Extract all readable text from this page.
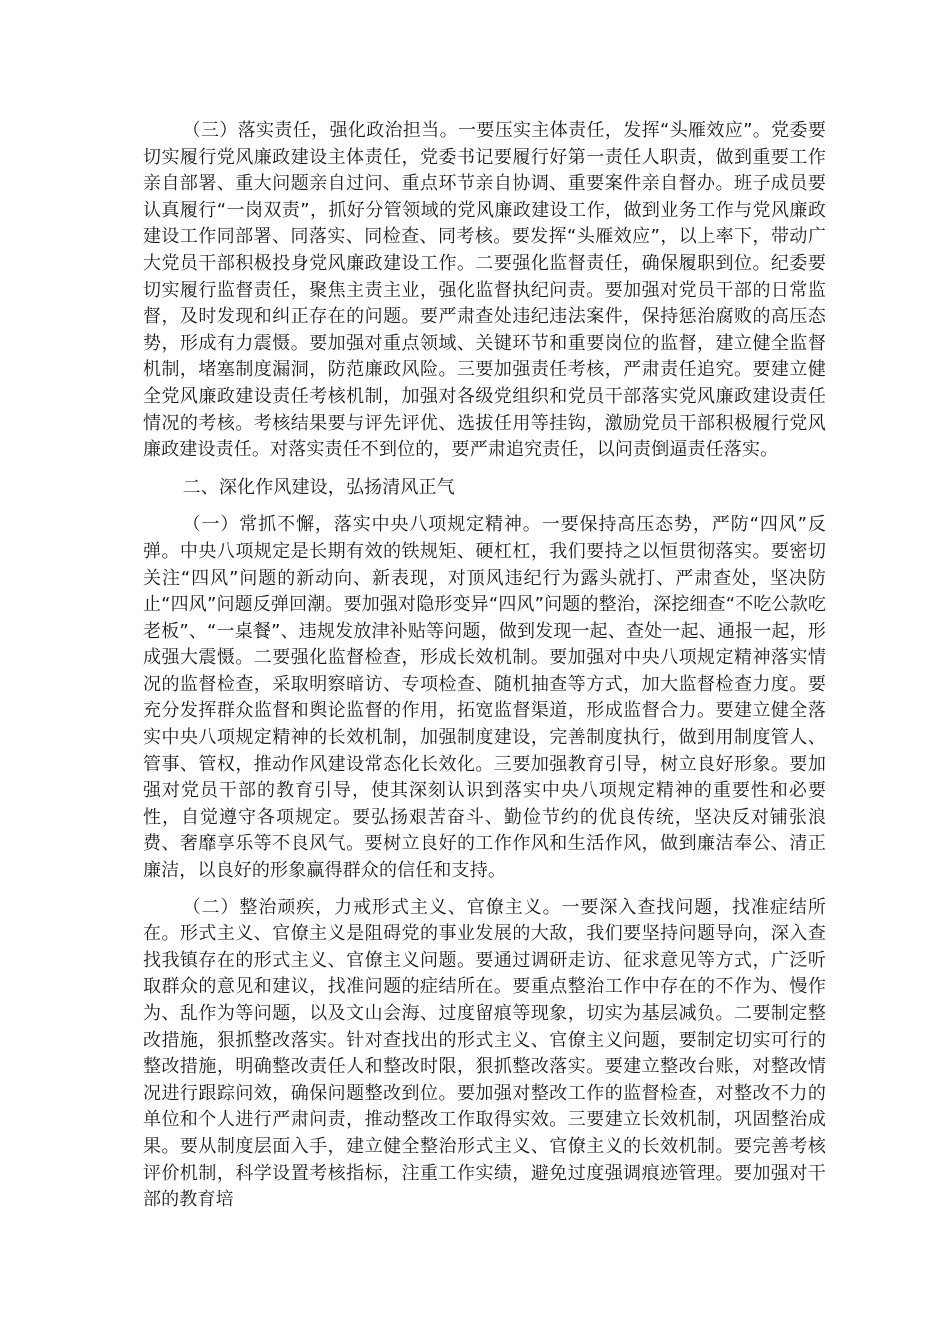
（三）落实责任，强化政治担当。一要压实主体责任，发挥“头雁效应”。党委要切实履行党风廉政建设主体责任，党委书记要履行好第一责任人职责，做到重要工作亲自部署、重大问题亲自过问、重点环节亲自协调、重要案件亲自督办。班子成员要认真履行“一岗双责”，抓好分管领域的党风廉政建设工作，做到业务工作与党风廉政建设工作同部署、同落实、同检查、同考核。要发挥“头雁效应”，以上率下，带动广大党员干部积极投身党风廉政建设工作。二要强化监督责任，确保履职到位。纪委要切实履行监督责任，聚焦主责主业，强化监督执纪问责。要加强对党员干部的日常监督，及时发现和纠正存在的问题。要严肃查处违纪违法案件，保持惩治腐败的高压态势，形成有力震慑。要加强对重点领域、关键环节和重要岗位的监督，建立健全监督机制，堵塞制度漏洞，防范廉政风险。三要加强责任考核，严肃责任追究。要建立健全党风廉政建设责任考核机制，加强对各级党组织和党员干部落实党风廉政建设责任情况的考核。考核结果要与评先评优、选拔任用等挂钩，激励党员干部积极履行党风廉政建设责任。对落实责任不到位的，要严肃追究责任，以问责倒逼责任落实。

二、深化作风建设，弘扬清风正气

（一）常抓不懈，落实中央八项规定精神。一要保持高压态势，严防“四风”反弹。中央八项规定是长期有效的铁规矩、硬杠杠，我们要持之以恒贯彻落实。要密切关注“四风”问题的新动向、新表现，对顶风违纪行为露头就打、严肃查处，坚决防止“四风”问题反弹回潮。要加强对隐形变异“四风”问题的整治，深挖细查“不吃公款吃老板”、“一桌餐”、违规发放津补贴等问题，做到发现一起、查处一起、通报一起，形成强大震慑。二要强化监督检查，形成长效机制。要加强对中央八项规定精神落实情况的监督检查，采取明察暗访、专项检查、随机抽查等方式，加大监督检查力度。要充分发挥群众监督和舆论监督的作用，拓宽监督渠道，形成监督合力。要建立健全落实中央八项规定精神的长效机制，加强制度建设，完善制度执行，做到用制度管人、管事、管权，推动作风建设常态化长效化。三要加强教育引导，树立良好形象。要加强对党员干部的教育引导，使其深刻认识到落实中央八项规定精神的重要性和必要性，自觉遵守各项规定。要弘扬艰苦奋斗、勤俭节约的优良传统，坚决反对铺张浪费、奢靡享乐等不良风气。要树立良好的工作作风和生活作风，做到廉洁奉公、清正廉洁，以良好的形象赢得群众的信任和支持。

（二）整治顽疾，力戒形式主义、官僚主义。一要深入查找问题，找准症结所在。形式主义、官僚主义是阻碍党的事业发展的大敌，我们要坚持问题导向，深入查找我镇存在的形式主义、官僚主义问题。要通过调研走访、征求意见等方式，广泛听取群众的意见和建议，找准问题的症结所在。要重点整治工作中存在的不作为、慢作为、乱作为等问题，以及文山会海、过度留痕等现象，切实为基层减负。二要制定整改措施，狠抓整改落实。针对查找出的形式主义、官僚主义问题，要制定切实可行的整改措施，明确整改责任人和整改时限，狠抓整改落实。要建立整改台账，对整改情况进行跟踪问效，确保问题整改到位。要加强对整改工作的监督检查，对整改不力的单位和个人进行严肃问责，推动整改工作取得实效。三要建立长效机制，巩固整治成果。要从制度层面入手，建立健全整治形式主义、官僚主义的长效机制。要完善考核评价机制，科学设置考核指标，注重工作实绩，避免过度强调痕迹管理。要加强对干部的教育培
